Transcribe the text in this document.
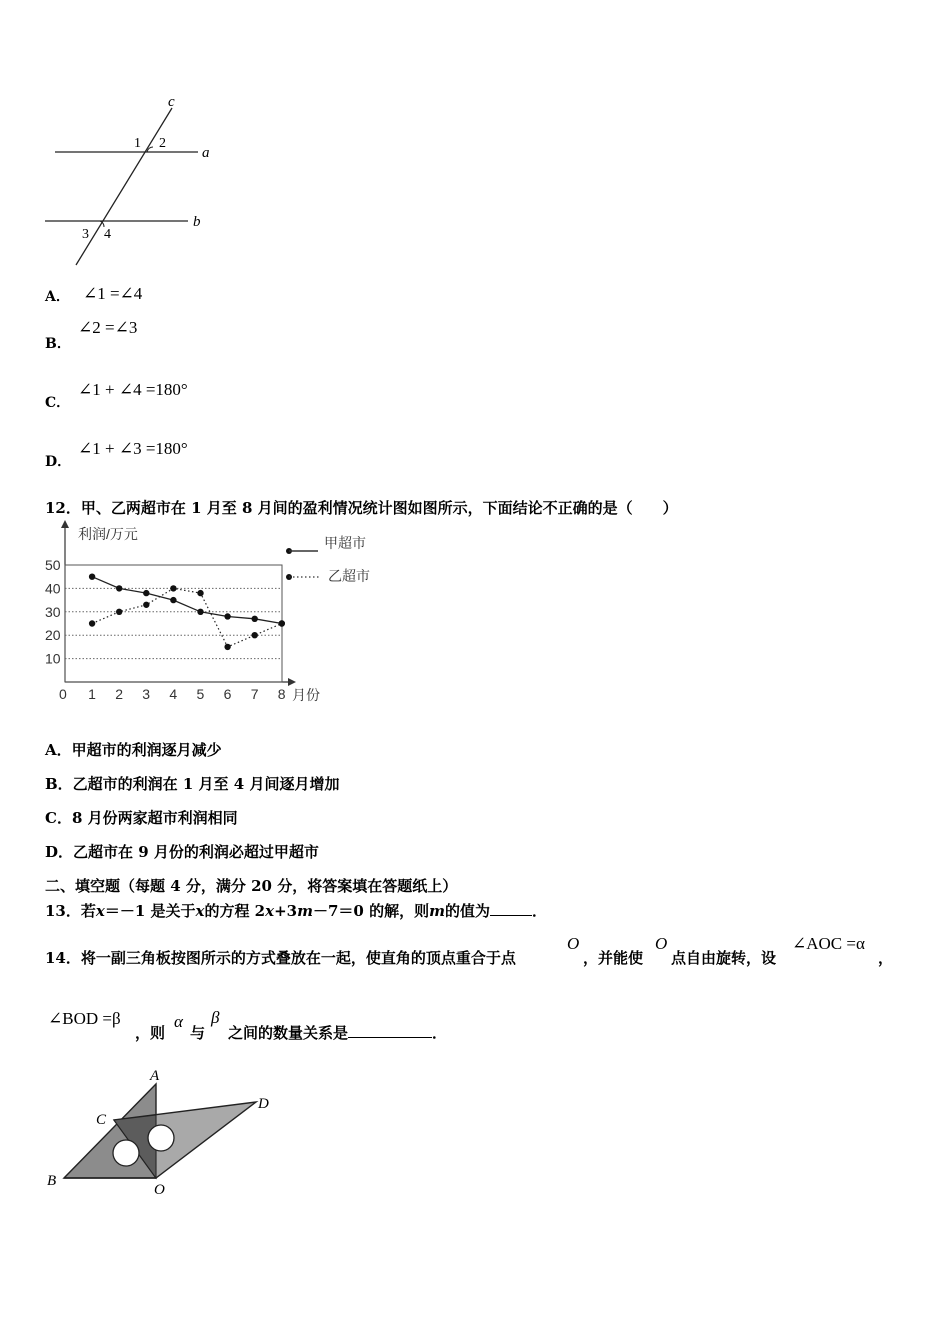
c
a
b
1 2
3 4
A． ∠1 =∠4
B．
∠2 =∠3
C．
∠1 + ∠4 =180°
D．
∠1 + ∠3 =180°
12．甲、乙两超市在 1 月至 8 月间的盈利情况统计图如图所示，下面结论不正确的是（　　）
10
20
30
40
50
1 2 3 4 5 6 7 8
利润/万元
月份
0
甲超市
乙超市
A．甲超市的利润逐月减少
B．乙超市的利润在 1 月至 4 月间逐月增加
C．8 月份两家超市利润相同
D．乙超市在 9 月份的利润必超过甲超市
二、填空题（每题 4 分，满分 20 分，将答案填在答题纸上）
13．若x＝－1 是关于x的方程 2x+3m－7＝0 的解，则m的值为	．
14．将一副三角板按图所示的方式叠放在一起，使直角的顶点重合于点
O
，并能使
O
点自由旋转，设
∠AOC =α
，
∠BOD =β
，则
α
与
β
之间的数量关系是	．
A
B
C
D
O
